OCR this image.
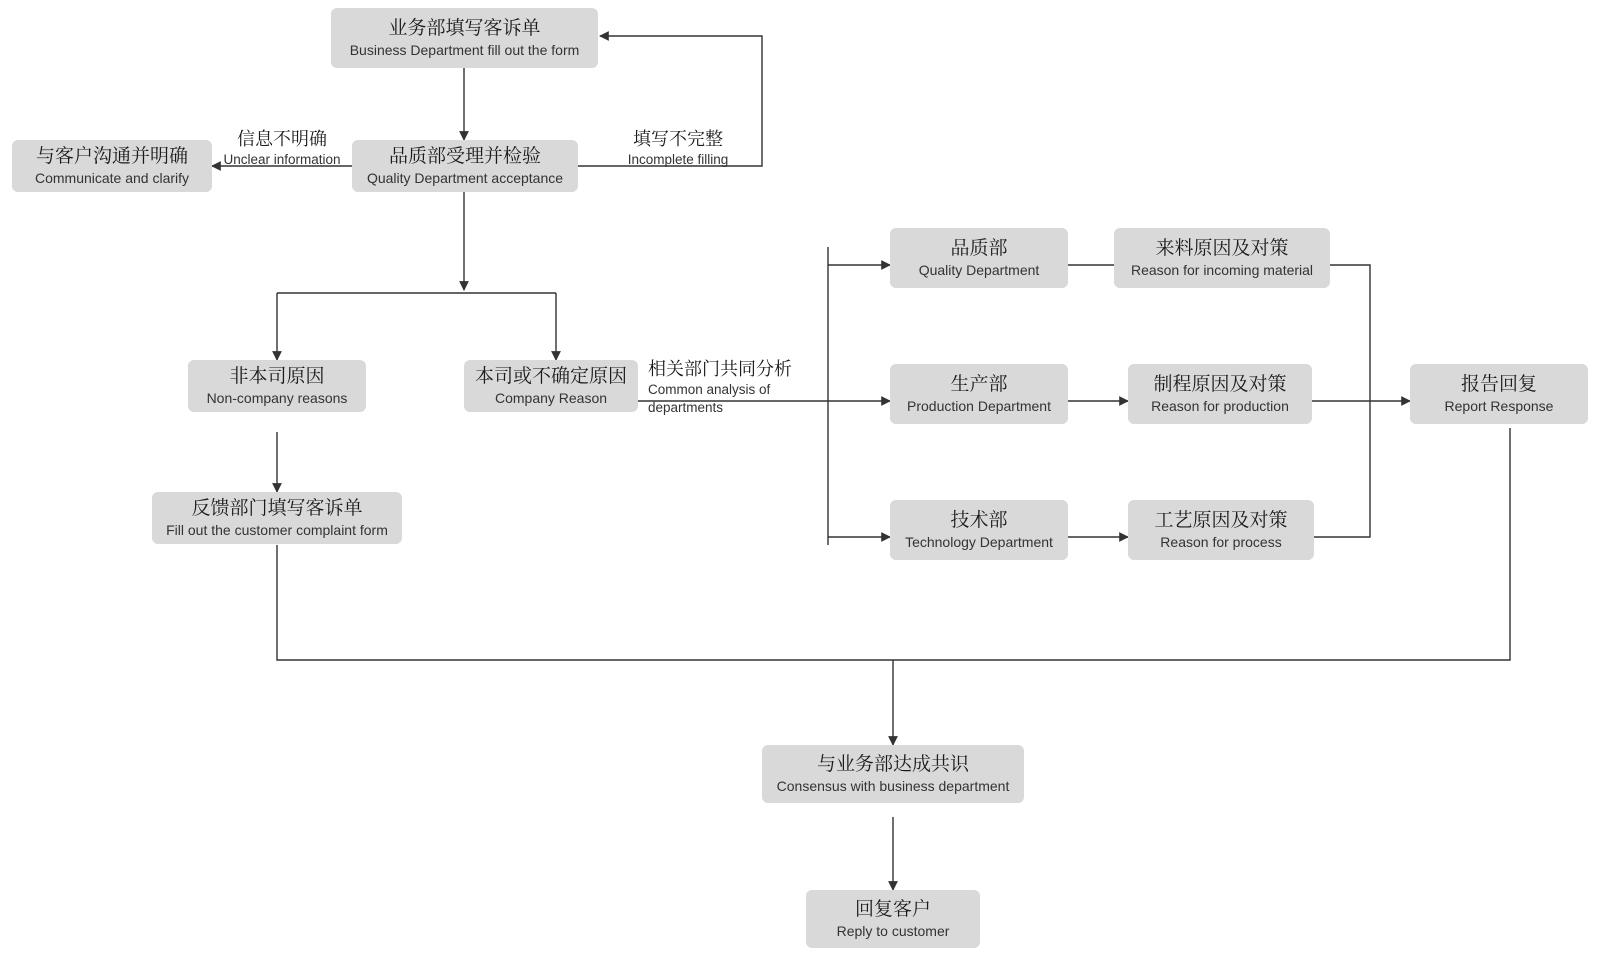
业务部填写客诉单
Business Department fill out the form
品质部受理并检验
Quality Department acceptance
与客户沟通并明确
Communicate and clarify
非本司原因
Non-company reasons
本司或不确定原因
Company Reason
反馈部门填写客诉单
Fill out the customer complaint form
品质部
Quality Department
生产部
Production Department
技术部
Technology Department
来料原因及对策
Reason for incoming material
制程原因及对策
Reason for production
工艺原因及对策
Reason for process
报告回复
Report Response
与业务部达成共识
Consensus with business department
回复客户
Reply to customer
信息不明确
Unclear information
填写不完整
Incomplete filling
相关部门共同分析
Common analysis of departments
